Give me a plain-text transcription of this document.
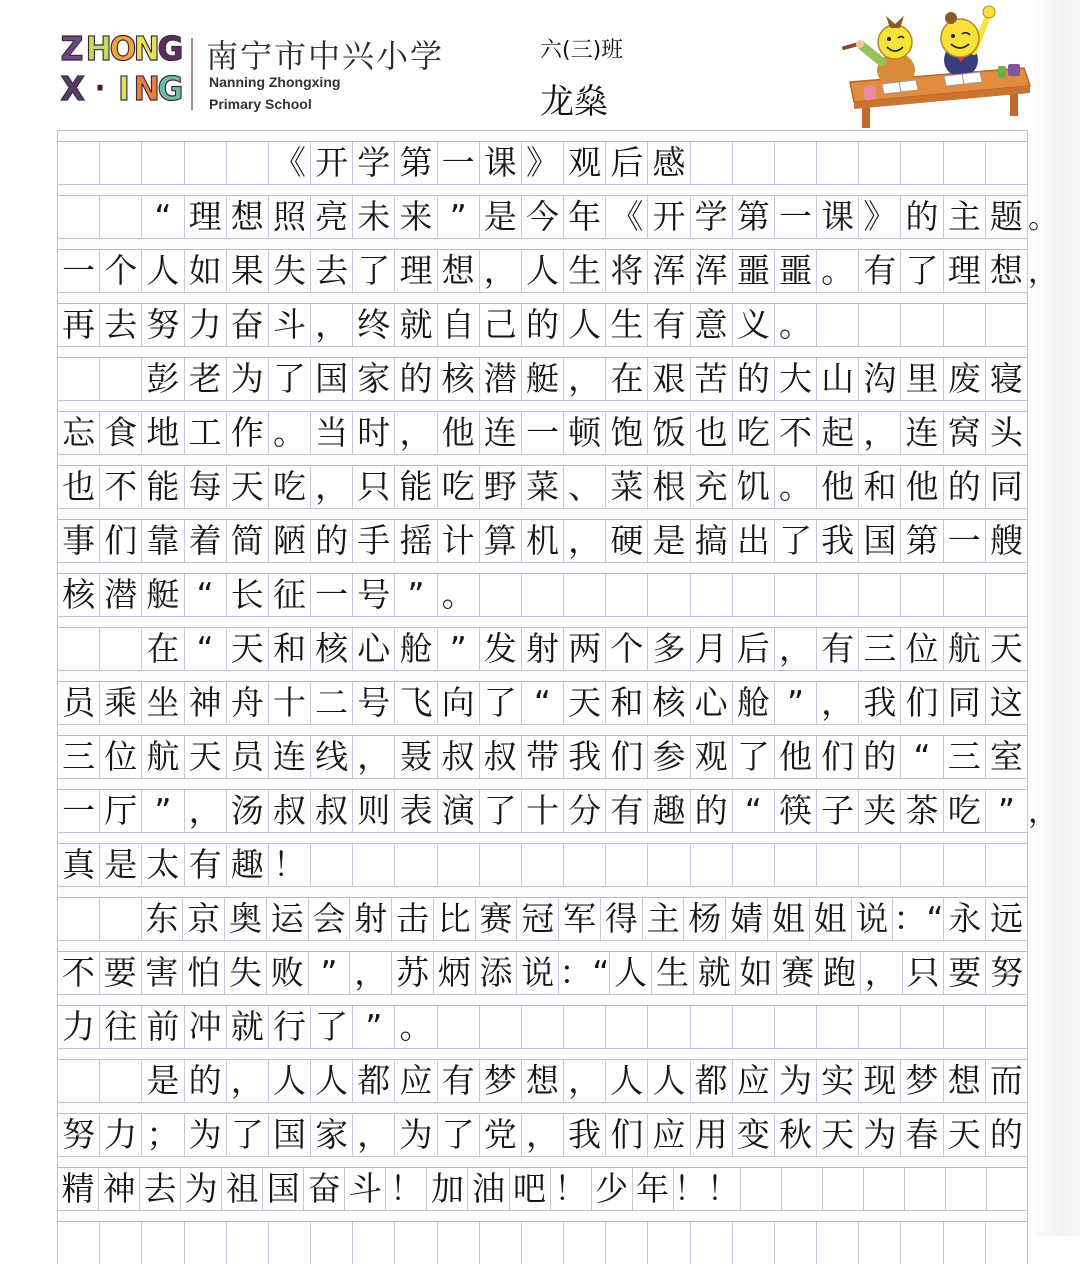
Z H
O
N
G
X · I N
G
南宁市中兴小学
Nanning Zhongxing
Primary School
六(三)班
龙燊
《 开 学 第 一 课 》 观 后 感
“ 理 想 照 亮 未 来 ” 是 今 年 《 开 学 第 一 课 》 的 主 题 。
一 个 人 如 果 失 去 了 理 想 ， 人 生 将 浑 浑 噩 噩 。 有 了 理 想 ，
再 去 努 力 奋 斗 ， 终 就 自 己 的 人 生 有 意 义 。
彭 老 为 了 国 家 的 核 潜 艇 ， 在 艰 苦 的 大 山 沟 里 废 寝
忘 食 地 工 作 。 当 时 ， 他 连 一 顿 饱 饭 也 吃 不 起 ， 连 窝 头
也 不 能 每 天 吃 ， 只 能 吃 野 菜 、 菜 根 充 饥 。 他 和 他 的 同
事 们 靠 着 简 陋 的 手 摇 计 算 机 ， 硬 是 搞 出 了 我 国 第 一 艘
核 潜 艇 “ 长 征 一 号 ” 。
在 “ 天 和 核 心 舱 ” 发 射 两 个 多 月 后 ， 有 三 位 航 天
员 乘 坐 神 舟 十 二 号 飞 向 了 “ 天 和 核 心 舱 ” ， 我 们 同 这
三 位 航 天 员 连 线 ， 聂 叔 叔 带 我 们 参 观 了 他 们 的 “ 三 室
一 厅 ” ， 汤 叔 叔 则 表 演 了 十 分 有 趣 的 “ 筷 子 夹 茶 吃 ” ，
真 是 太 有 趣 ！
东 京 奥 运 会 射 击 比 赛 冠 军 得 主 杨 婧 姐 姐 说 ：“ 永 远
不 要 害 怕 失 败 ” ， 苏 炳 添 说 ：“ 人 生 就 如 赛 跑 ， 只 要 努
力 往 前 冲 就 行 了 ” 。
是 的 ， 人 人 都 应 有 梦 想 ， 人 人 都 应 为 实 现 梦 想 而
努 力 ； 为 了 国 家 ， 为 了 党 ， 我 们 应 用 变 秋 天 为 春 天 的
精 神 去 为 祖 国 奋 斗 ！ 加 油 吧 ！ 少 年 ！！
